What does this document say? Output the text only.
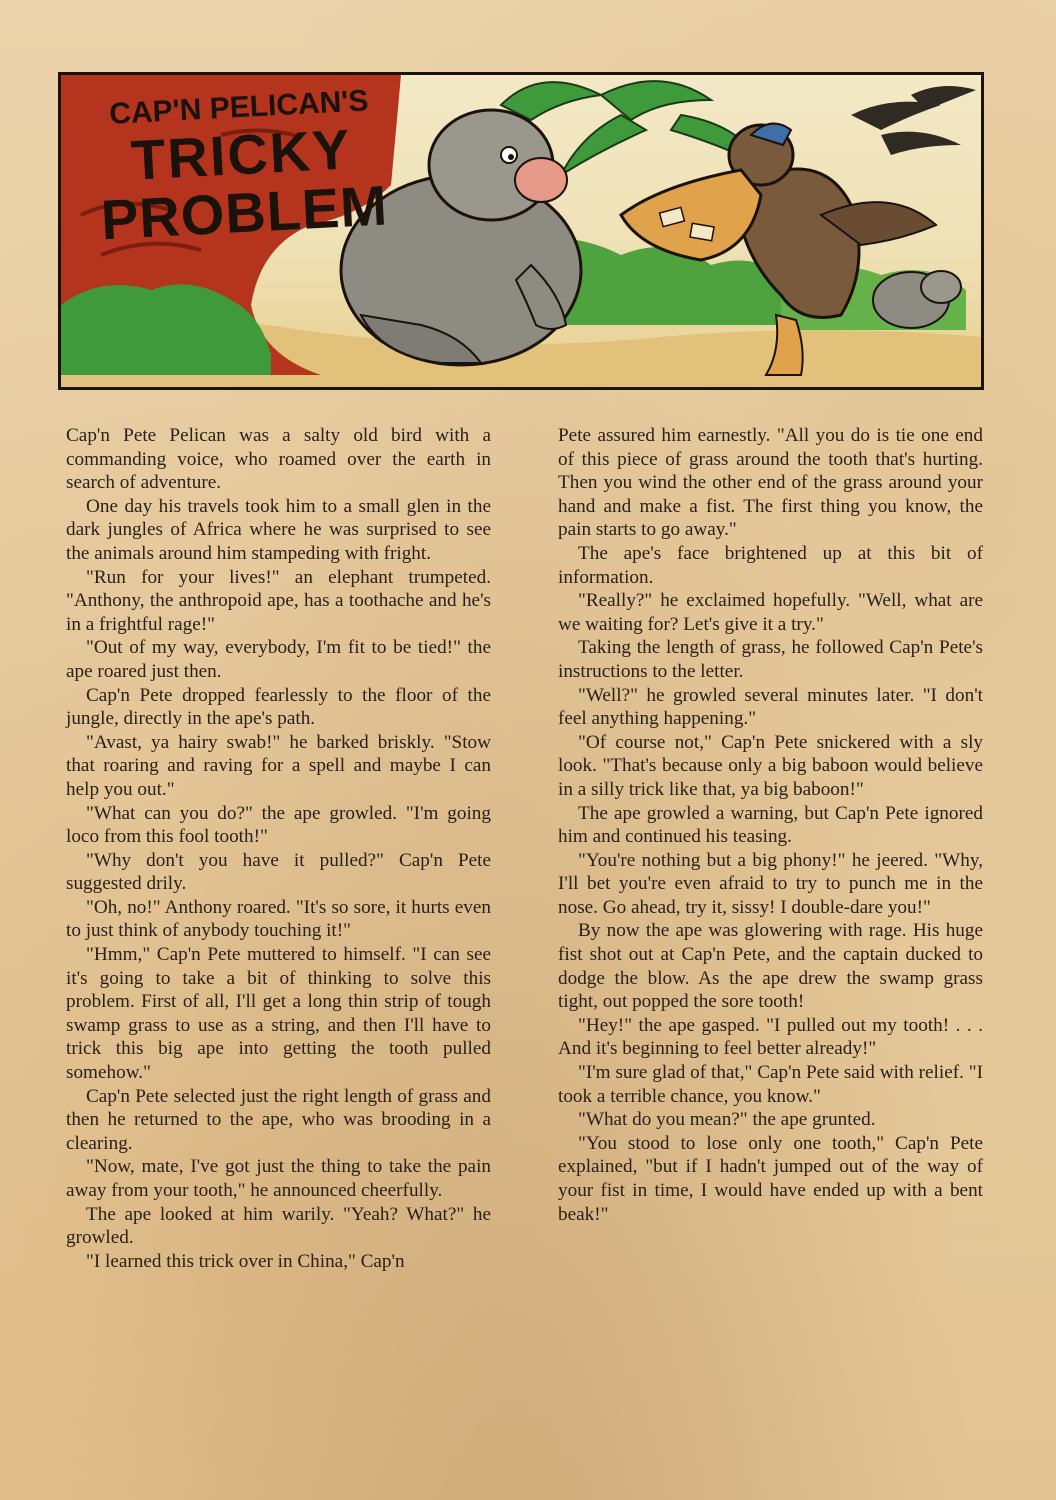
CAP'N PELICAN'S
TRICKY
PROBLEM

Cap'n Pete Pelican was a salty old bird with a commanding voice, who roamed over the earth in search of adventure.

One day his travels took him to a small glen in the dark jungles of Africa where he was surprised to see the animals around him stampeding with fright.

"Run for your lives!" an elephant trumpeted. "Anthony, the anthropoid ape, has a toothache and he's in a frightful rage!"

"Out of my way, everybody, I'm fit to be tied!" the ape roared just then.

Cap'n Pete dropped fearlessly to the floor of the jungle, directly in the ape's path.

"Avast, ya hairy swab!" he barked briskly. "Stow that roaring and raving for a spell and maybe I can help you out."

"What can you do?" the ape growled. "I'm going loco from this fool tooth!"

"Why don't you have it pulled?" Cap'n Pete suggested drily.

"Oh, no!" Anthony roared. "It's so sore, it hurts even to just think of anybody touching it!"

"Hmm," Cap'n Pete muttered to himself. "I can see it's going to take a bit of thinking to solve this problem. First of all, I'll get a long thin strip of tough swamp grass to use as a string, and then I'll have to trick this big ape into getting the tooth pulled somehow."

Cap'n Pete selected just the right length of grass and then he returned to the ape, who was brooding in a clearing.

"Now, mate, I've got just the thing to take the pain away from your tooth," he announced cheerfully.

The ape looked at him warily. "Yeah? What?" he growled.

"I learned this trick over in China," Cap'n

Pete assured him earnestly. "All you do is tie one end of this piece of grass around the tooth that's hurting. Then you wind the other end of the grass around your hand and make a fist. The first thing you know, the pain starts to go away."

The ape's face brightened up at this bit of information.

"Really?" he exclaimed hopefully. "Well, what are we waiting for? Let's give it a try."

Taking the length of grass, he followed Cap'n Pete's instructions to the letter.

"Well?" he growled several minutes later. "I don't feel anything happening."

"Of course not," Cap'n Pete snickered with a sly look. "That's because only a big baboon would believe in a silly trick like that, ya big baboon!"

The ape growled a warning, but Cap'n Pete ignored him and continued his teasing.

"You're nothing but a big phony!" he jeered. "Why, I'll bet you're even afraid to try to punch me in the nose. Go ahead, try it, sissy! I double-dare you!"

By now the ape was glowering with rage. His huge fist shot out at Cap'n Pete, and the captain ducked to dodge the blow. As the ape drew the swamp grass tight, out popped the sore tooth!

"Hey!" the ape gasped. "I pulled out my tooth! . . . And it's beginning to feel better already!"

"I'm sure glad of that," Cap'n Pete said with relief. "I took a terrible chance, you know."

"What do you mean?" the ape grunted.

"You stood to lose only one tooth," Cap'n Pete explained, "but if I hadn't jumped out of the way of your fist in time, I would have ended up with a bent beak!"
